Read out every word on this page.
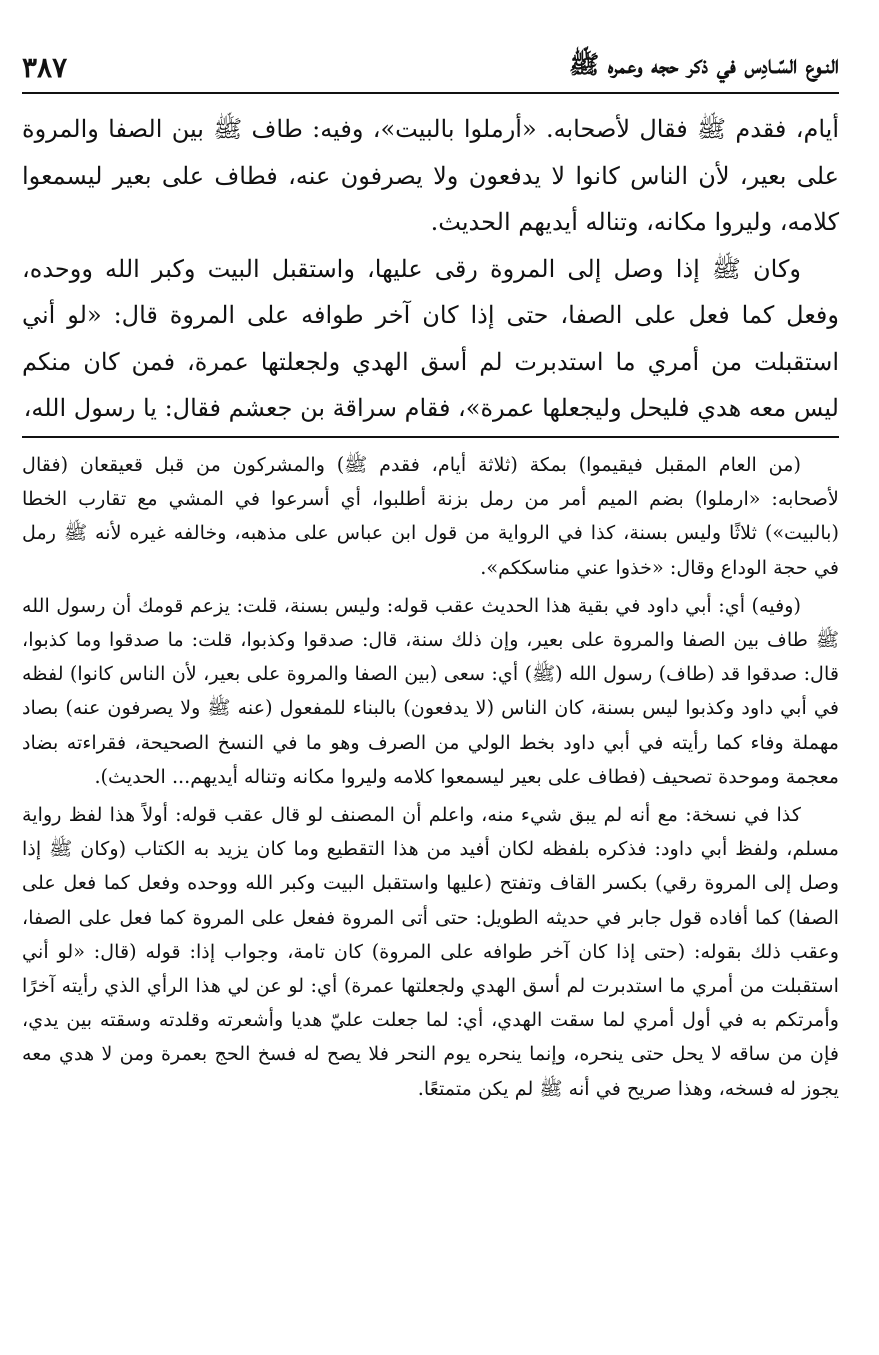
النـوع السّـادِس في ذكر حجه وعمره ﷺ
٣٨٧

أيام، فقدم ﷺ فقال لأصحابه. «أرملوا بالبيت»، وفيه: طاف ﷺ بين الصفا والمروة على بعير، لأن الناس كانوا لا يدفعون ولا يصرفون عنه، فطاف على بعير ليسمعوا كلامه، وليروا مكانه، وتناله أيديهم الحديث.

وكان ﷺ إذا وصل إلى المروة رقى عليها، واستقبل البيت وكبر الله ووحده، وفعل كما فعل على الصفا، حتى إذا كان آخر طوافه على المروة قال: «لو أني استقبلت من أمري ما استدبرت لم أسق الهدي ولجعلتها عمرة، فمن كان منكم ليس معه هدي فليحل وليجعلها عمرة»، فقام سراقة بن جعشم فقال: يا رسول الله،

(من العام المقبل فيقيموا) بمكة (ثلاثة أيام، فقدم ﷺ) والمشركون من قبل قعيقعان (فقال لأصحابه: «ارملوا) بضم الميم أمر من رمل بزنة أطلبوا، أي أسرعوا في المشي مع تقارب الخطا (بالبيت») ثلاثًا وليس بسنة، كذا في الرواية من قول ابن عباس على مذهبه، وخالفه غيره لأنه ﷺ رمل في حجة الوداع وقال: «خذوا عني مناسككم».

(وفيه) أي: أبي داود في بقية هذا الحديث عقب قوله: وليس بسنة، قلت: يزعم قومك أن رسول الله ﷺ طاف بين الصفا والمروة على بعير، وإن ذلك سنة، قال: صدقوا وكذبوا، قلت: ما صدقوا وما كذبوا، قال: صدقوا قد (طاف) رسول الله (ﷺ) أي: سعى (بين الصفا والمروة على بعير، لأن الناس كانوا) لفظه في أبي داود وكذبوا ليس بسنة، كان الناس (لا يدفعون) بالبناء للمفعول (عنه ﷺ ولا يصرفون عنه) بصاد مهملة وفاء كما رأيته في أبي داود بخط الولي من الصرف وهو ما في النسخ الصحيحة، فقراءته بضاد معجمة وموحدة تصحيف (فطاف على بعير ليسمعوا كلامه وليروا مكانه وتناله أيديهم... الحديث).

كذا في نسخة: مع أنه لم يبق شيء منه، واعلم أن المصنف لو قال عقب قوله: أولاً هذا لفظ رواية مسلم، ولفظ أبي داود: فذكره بلفظه لكان أفيد من هذا التقطيع وما كان يزيد به الكتاب (وكان ﷺ إذا وصل إلى المروة رقي) بكسر القاف وتفتح (عليها واستقبل البيت وكبر الله ووحده وفعل كما فعل على الصفا) كما أفاده قول جابر في حديثه الطويل: حتى أتى المروة ففعل على المروة كما فعل على الصفا، وعقب ذلك بقوله: (حتى إذا كان آخر طوافه على المروة) كان تامة، وجواب إذا: قوله (قال: «لو أني استقبلت من أمري ما استدبرت لم أسق الهدي ولجعلتها عمرة) أي: لو عن لي هذا الرأي الذي رأيته آخرًا وأمرتكم به في أول أمري لما سقت الهدي، أي: لما جعلت عليّ هديا وأشعرته وقلدته وسقته بين يدي، فإن من ساقه لا يحل حتى ينحره، وإنما ينحره يوم النحر فلا يصح له فسخ الحج بعمرة ومن لا هدي معه يجوز له فسخه، وهذا صريح في أنه ﷺ لم يكن متمتعًا.
